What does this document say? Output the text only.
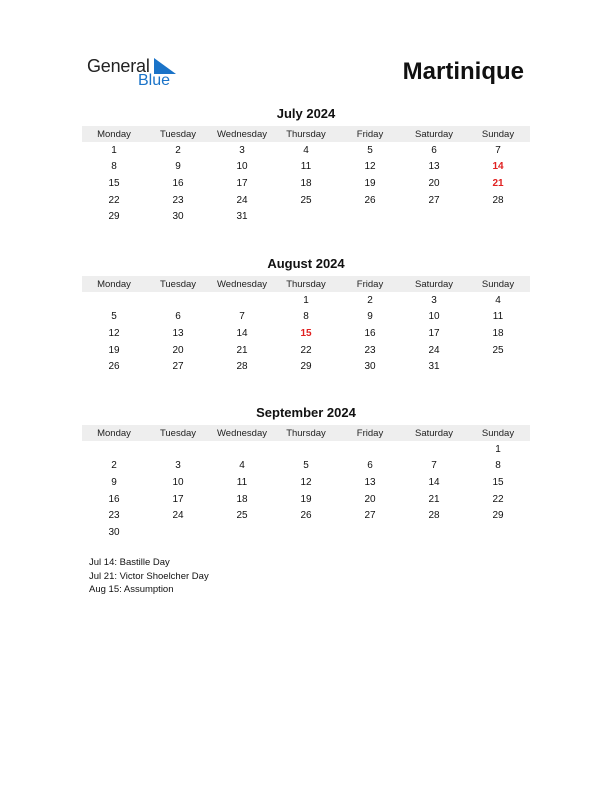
General
Blue	Martinique
July 2024
Monday	Tuesday	Wednesday	Thursday	Friday	Saturday	Sunday
1	2	3	4	5	6	7
8	9	10	11	12	13	14
15	16	17	18	19	20	21
22	23	24	25	26	27	28
29	30	31				
August 2024
Monday	Tuesday	Wednesday	Thursday	Friday	Saturday	Sunday
			1	2	3	4
5	6	7	8	9	10	11
12	13	14	15	16	17	18
19	20	21	22	23	24	25
26	27	28	29	30	31	
September 2024
Monday	Tuesday	Wednesday	Thursday	Friday	Saturday	Sunday
						1
2	3	4	5	6	7	8
9	10	11	12	13	14	15
16	17	18	19	20	21	22
23	24	25	26	27	28	29
30						
Jul 14: Bastille Day
Jul 21: Victor Shoelcher Day
Aug 15: Assumption
